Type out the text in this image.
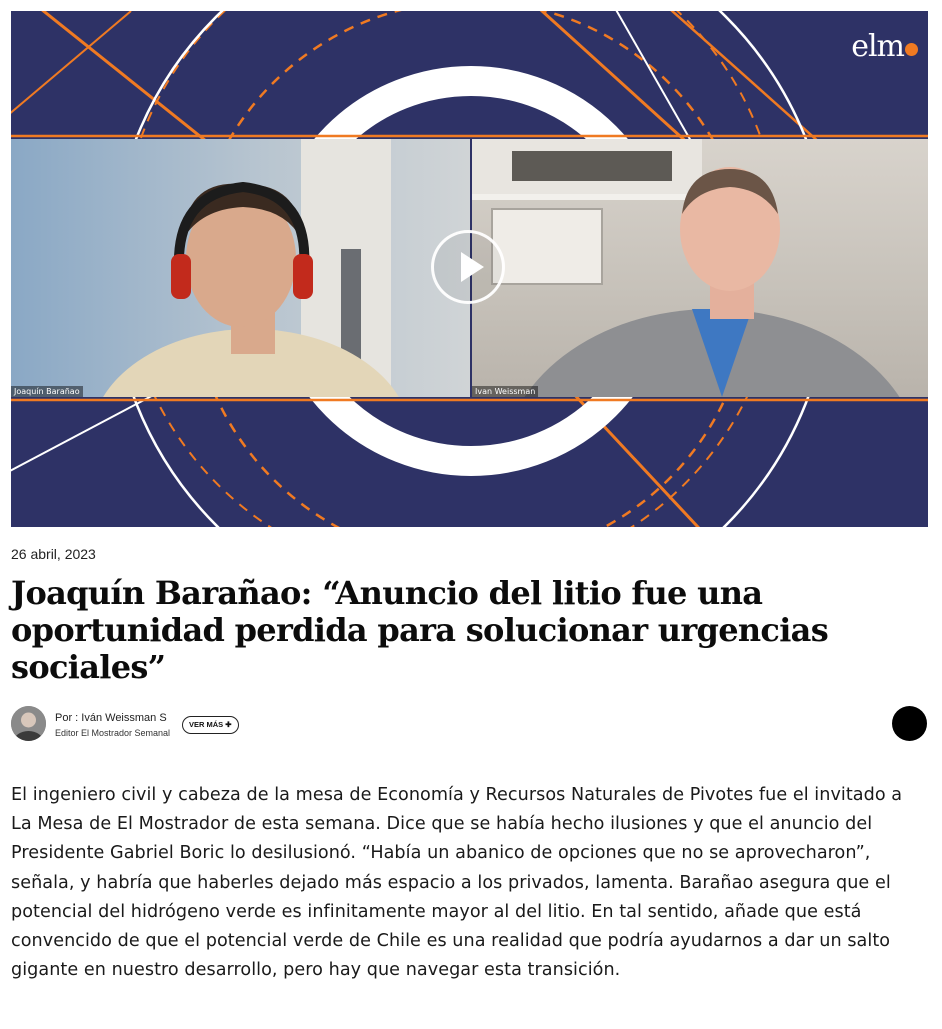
Joaquín Barañao	Ivan Weissman
elm
26 abril, 2023
Joaquín Barañao: “Anuncio del litio fue una oportunidad perdida para solucionar urgencias sociales”
Por : Iván Weissman S
Editor El Mostrador Semanal
VER MÁS ✚

El ingeniero civil y cabeza de la mesa de Economía y Recursos Naturales de Pivotes fue el invitado a La Mesa de El Mostrador de esta semana. Dice que se había hecho ilusiones y que el anuncio del Presidente Gabriel Boric lo desilusionó. “Había un abanico de opciones que no se aprovecharon”, señala, y habría que haberles dejado más espacio a los privados, lamenta. Barañao asegura que el potencial del hidrógeno verde es infinitamente mayor al del litio. En tal sentido, añade que está convencido de que el potencial verde de Chile es una realidad que podría ayudarnos a dar un salto gigante en nuestro desarrollo, pero hay que navegar esta transición.
